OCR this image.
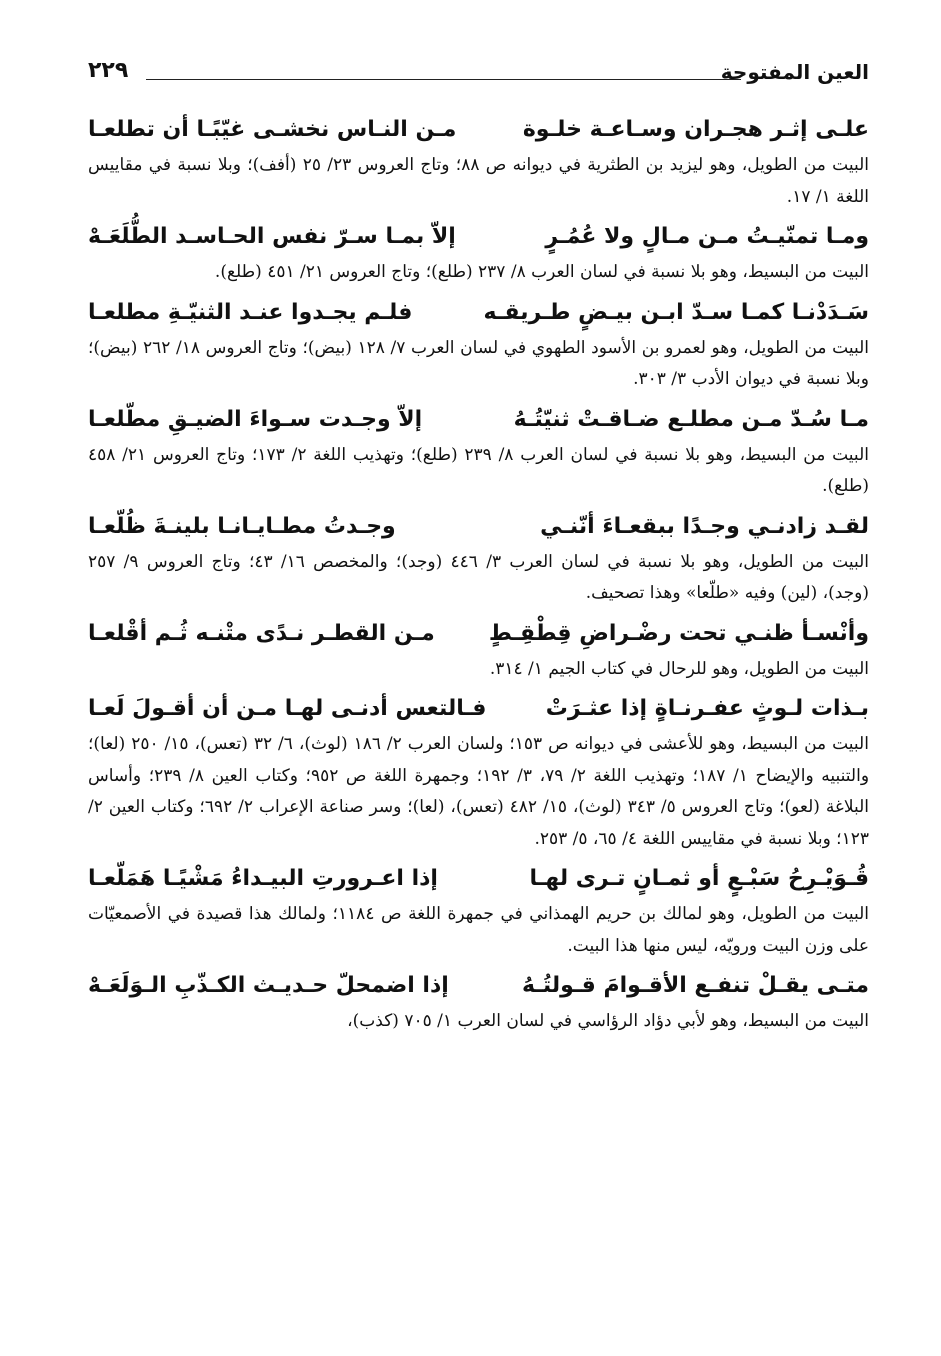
العين المفتوحة
٢٢٩
علـى إثـر هجـران وسـاعـة خلـوة
مـن النـاس نخشـى غيّبًـا أن تطلعـا
البيت من الطويل، وهو ليزيد بن الطثرية في ديوانه ص ٨٨؛ وتاج العروس ٢٣/ ٢٥ (أفف)؛ وبلا نسبة في مقاييس اللغة ١/ ١٧.
ومـا تمنّيـتُ مـن مـالٍ ولا عُمُـرٍ
إلاّ بمـا سـرّ نفس الحـاسـد الطُّلَعَـهْ
البيت من البسيط، وهو بلا نسبة في لسان العرب ٨/ ٢٣٧ (طلع)؛ وتاج العروس ٢١/ ٤٥١ (طلع).
سَـدَدْنـا كمـا سـدّ ابـن بيـضٍ طـريقـه
فلـم يجـدوا عنـد الثنيّـةِ مطلعـا
البيت من الطويل، وهو لعمرو بن الأسود الطهوي في لسان العرب ٧/ ١٢٨ (بيض)؛ وتاج العروس ١٨/ ٢٦٢ (بيض)؛ وبلا نسبة في ديوان الأدب ٣/ ٣٠٣.
مـا سُـدّ مـن مطلـع ضـاقـتْ ثنيّتُـهُ
إلاّ وجـدت سـواءَ الضيـقِ مطّلعـا
البيت من البسيط، وهو بلا نسبة في لسان العرب ٨/ ٢٣٩ (طلع)؛ وتهذيب اللغة ٢/ ١٧٣؛ وتاج العروس ٢١/ ٤٥٨ (طلع).
لقـد زادنـي وجـدًا ببقعـاءَ أنّنـي
وجـدتُ مطـايـانـا بلينـةَ ظُلّعـا
البيت من الطويل، وهو بلا نسبة في لسان العرب ٣/ ٤٤٦ (وجد)؛ والمخصص ١٦/ ٤٣؛ وتاج العروس ٩/ ٢٥٧ (وجد)، (لين) وفيه «طلّعا» وهذا تصحيف.
وأنْسـأ ظنـي تحت رضْـراضِ قِطْقِـطٍ
مـن القطـر نـدًى متْنـه ثُـم أقْلعـا
البيت من الطويل، وهو للرحال في كتاب الجيم ١/ ٣١٤.
بـذات لـوثٍ عفـرنـاةٍ إذا عثـرَتْ
فـالتعس أدنـى لهـا مـن أن أقـولَ لَعـا
البيت من البسيط، وهو للأعشى في ديوانه ص ١٥٣؛ ولسان العرب ٢/ ١٨٦ (لوث)، ٦/ ٣٢ (تعس)، ١٥/ ٢٥٠ (لعا)؛ والتنبيه والإيضاح ١/ ١٨٧؛ وتهذيب اللغة ٢/ ٧٩، ٣/ ١٩٢؛ وجمهرة اللغة ص ٩٥٢؛ وكتاب العين ٨/ ٢٣٩؛ وأساس البلاغة (لعو)؛ وتاج العروس ٥/ ٣٤٣ (لوث)، ١٥/ ٤٨٢ (تعس)، (لعا)؛ وسر صناعة الإعراب ٢/ ٦٩٢؛ وكتاب العين ٢/ ١٢٣؛ وبلا نسبة في مقاييس اللغة ٤/ ٦٥، ٥/ ٢٥٣.
قُـوَيْـرِحُ سَبْـعٍ أو ثمـانٍ تـرى لهـا
إذا اعـرورتِ البيـداءُ مَشْيًـا هَمَلّعـا
البيت من الطويل، وهو لمالك بن حريم الهمذاني في جمهرة اللغة ص ١١٨٤؛ ولمالك هذا قصيدة في الأصمعيّات على وزن البيت ورويّه، ليس منها هذا البيت.
متـى يقـلْ تنفـع الأقـوامَ قـولتُـهُ
إذا اضمحلّ حـديـث الكـذّبِ الـوَلَعَـهْ
البيت من البسيط، وهو لأبي دؤاد الرؤاسي في لسان العرب ١/ ٧٠٥ (كذب)،
